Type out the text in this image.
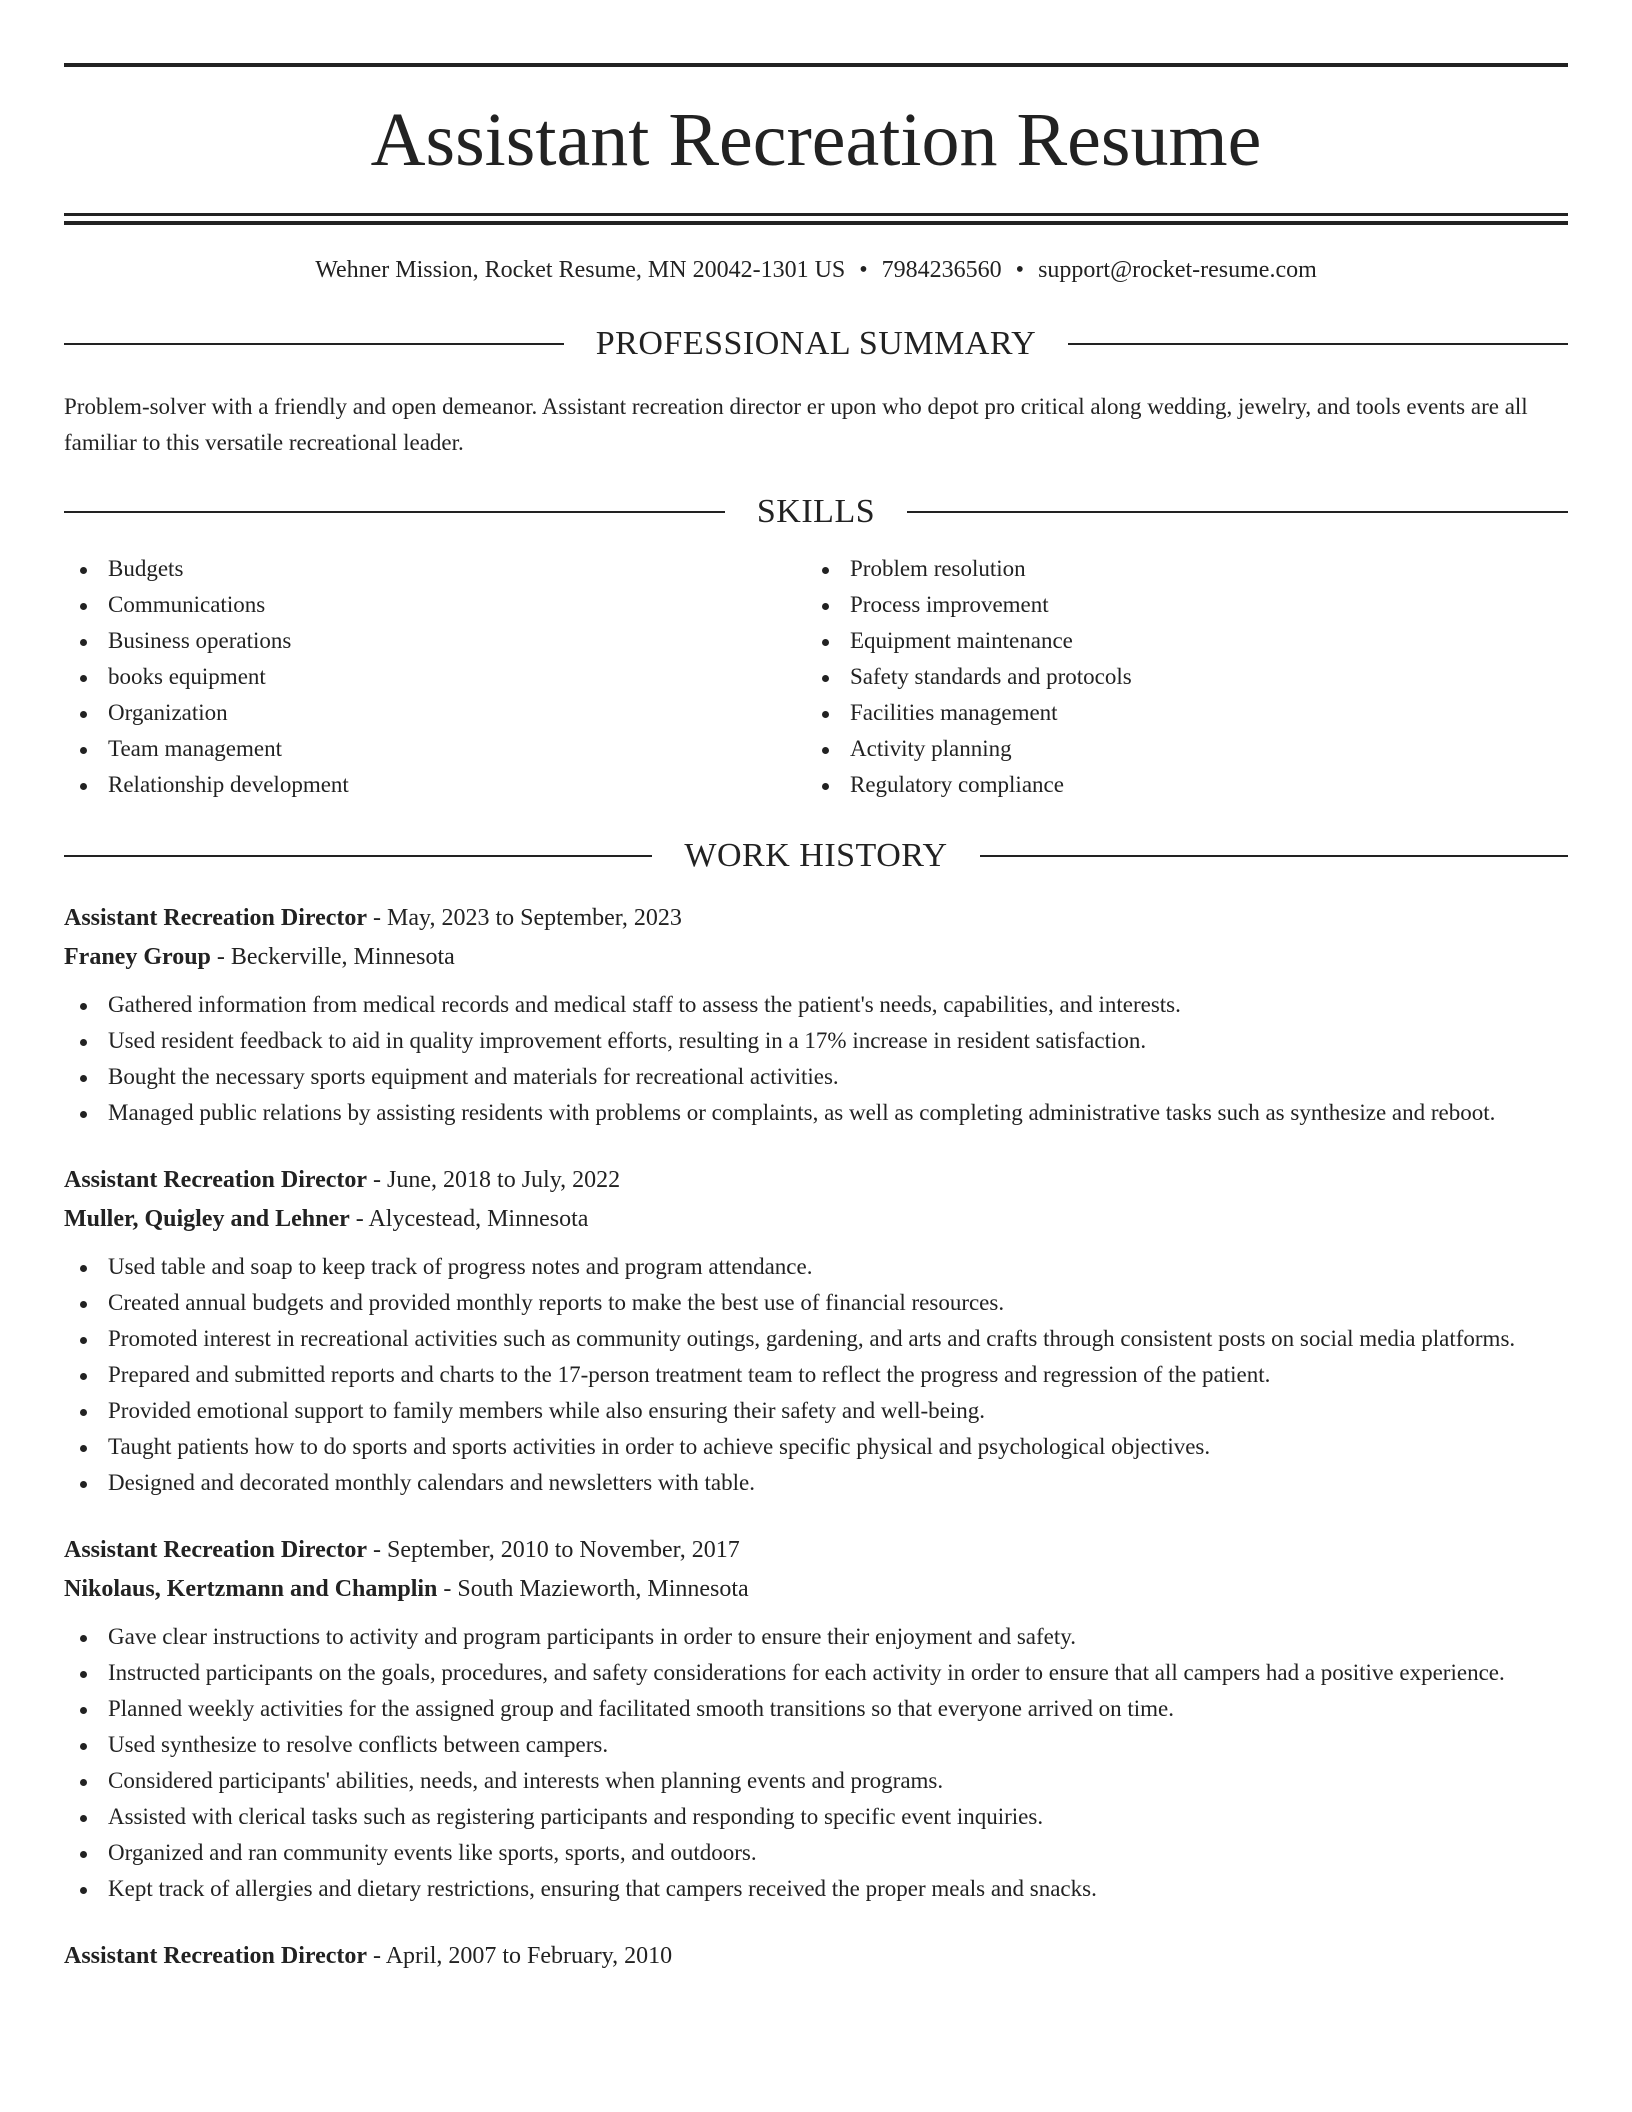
Assistant Recreation Resume
Wehner Mission, Rocket Resume, MN 20042-1301 US • 7984236560 • support@rocket-resume.com
PROFESSIONAL SUMMARY
Problem-solver with a friendly and open demeanor. Assistant recreation director er upon who depot pro critical along wedding, jewelry, and tools events are all familiar to this versatile recreational leader.
SKILLS
Budgets
Communications
Business operations
books equipment
Organization
Team management
Relationship development
Problem resolution
Process improvement
Equipment maintenance
Safety standards and protocols
Facilities management
Activity planning
Regulatory compliance
WORK HISTORY
Assistant Recreation Director - May, 2023 to September, 2023
Franey Group - Beckerville, Minnesota
Gathered information from medical records and medical staff to assess the patient's needs, capabilities, and interests.
Used resident feedback to aid in quality improvement efforts, resulting in a 17% increase in resident satisfaction.
Bought the necessary sports equipment and materials for recreational activities.
Managed public relations by assisting residents with problems or complaints, as well as completing administrative tasks such as synthesize and reboot.
Assistant Recreation Director - June, 2018 to July, 2022
Muller, Quigley and Lehner - Alycestead, Minnesota
Used table and soap to keep track of progress notes and program attendance.
Created annual budgets and provided monthly reports to make the best use of financial resources.
Promoted interest in recreational activities such as community outings, gardening, and arts and crafts through consistent posts on social media platforms.
Prepared and submitted reports and charts to the 17-person treatment team to reflect the progress and regression of the patient.
Provided emotional support to family members while also ensuring their safety and well-being.
Taught patients how to do sports and sports activities in order to achieve specific physical and psychological objectives.
Designed and decorated monthly calendars and newsletters with table.
Assistant Recreation Director - September, 2010 to November, 2017
Nikolaus, Kertzmann and Champlin - South Mazieworth, Minnesota
Gave clear instructions to activity and program participants in order to ensure their enjoyment and safety.
Instructed participants on the goals, procedures, and safety considerations for each activity in order to ensure that all campers had a positive experience.
Planned weekly activities for the assigned group and facilitated smooth transitions so that everyone arrived on time.
Used synthesize to resolve conflicts between campers.
Considered participants' abilities, needs, and interests when planning events and programs.
Assisted with clerical tasks such as registering participants and responding to specific event inquiries.
Organized and ran community events like sports, sports, and outdoors.
Kept track of allergies and dietary restrictions, ensuring that campers received the proper meals and snacks.
Assistant Recreation Director - April, 2007 to February, 2010
